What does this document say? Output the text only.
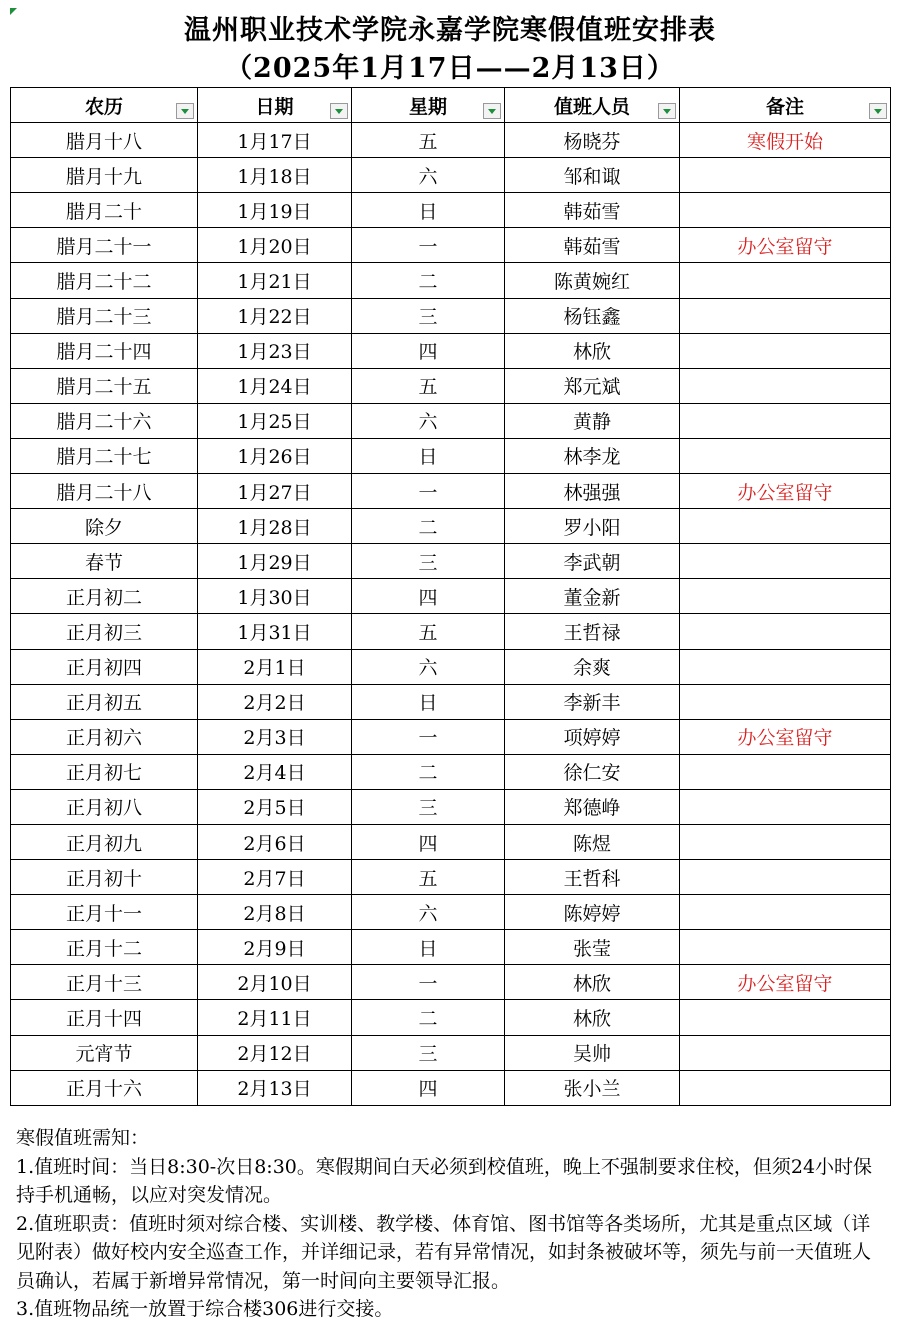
温州职业技术学院永嘉学院寒假值班安排表
（2025年1月17日——2月13日）
农历	日期	星期	值班人员	备注

腊月十八	1月17日	五	杨晓芬	寒假开始
腊月十九	1月18日	六	邹和诹	
腊月二十	1月19日	日	韩茹雪	
腊月二十一	1月20日	一	韩茹雪	办公室留守
腊月二十二	1月21日	二	陈黄婉红	
腊月二十三	1月22日	三	杨钰鑫	
腊月二十四	1月23日	四	林欣	
腊月二十五	1月24日	五	郑元斌	
腊月二十六	1月25日	六	黄静	
腊月二十七	1月26日	日	林李龙	
腊月二十八	1月27日	一	林强强	办公室留守
除夕	1月28日	二	罗小阳	
春节	1月29日	三	李武朝	
正月初二	1月30日	四	董金新	
正月初三	1月31日	五	王哲禄	
正月初四	2月1日	六	余爽	
正月初五	2月2日	日	李新丰	
正月初六	2月3日	一	项婷婷	办公室留守
正月初七	2月4日	二	徐仁安	
正月初八	2月5日	三	郑德峥	
正月初九	2月6日	四	陈煜	
正月初十	2月7日	五	王哲科	
正月十一	2月8日	六	陈婷婷	
正月十二	2月9日	日	张莹	
正月十三	2月10日	一	林欣	办公室留守
正月十四	2月11日	二	林欣	
元宵节	2月12日	三	吴帅	
正月十六	2月13日	四	张小兰	

寒假值班需知：

1.值班时间：当日8:30-次日8:30。寒假期间白天必须到校值班，晚上不强制要求住校，但须24小时保持手机通畅，以应对突发情况。

2.值班职责：值班时须对综合楼、实训楼、教学楼、体育馆、图书馆等各类场所，尤其是重点区域（详见附表）做好校内安全巡查工作，并详细记录，若有异常情况，如封条被破坏等，须先与前一天值班人员确认，若属于新增异常情况，第一时间向主要领导汇报。

3.值班物品统一放置于综合楼306进行交接。
